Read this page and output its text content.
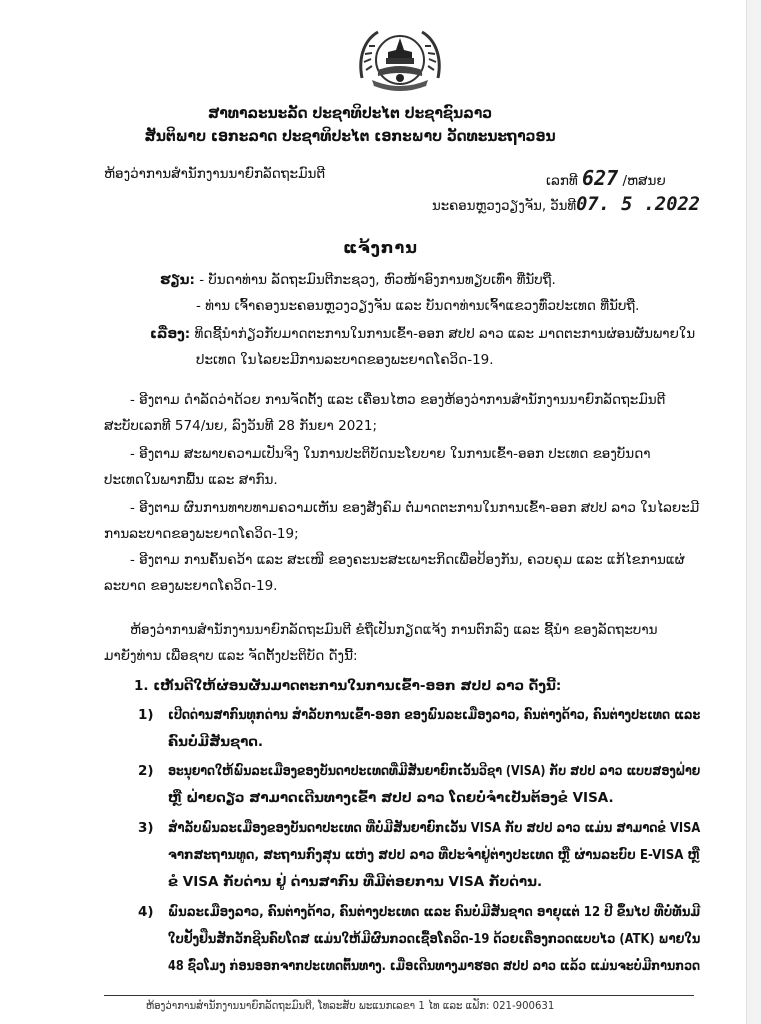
ສາທາລະນະລັດ ປະຊາທິປະໄຕ ປະຊາຊົນລາວ
ສັນຕິພາບ ເອກະລາດ ປະຊາທິປະໄຕ ເອກະພາບ ວັດທະນະຖາວອນ
ຫ້ອງວ່າການສຳນັກງານນາຍົກລັດຖະມົນຕີ	ເລກທີ 627 /ຫສນຍ
ນະຄອນຫຼວງວຽງຈັນ, ວັນທີ07. 5 .2022
ແຈ້ງການ
ຮຽນ: - ບັນດາທ່ານ ລັດຖະມົນຕີກະຊວງ, ຫົວໜ້າອົງການທຽບເທົ່າ ທີ່ນັບຖື.
- ທ່ານ ເຈົ້າຄອງນະຄອນຫຼວງວຽງຈັນ ແລະ ບັນດາທ່ານເຈົ້າແຂວງທົ່ວປະເທດ ທີ່ນັບຖື.
ເລື່ອງ: ທິດຊີ້ນຳກ່ຽວກັບມາດຕະການໃນການເຂົ້າ-ອອກ ສປປ ລາວ ແລະ ມາດຕະການຜ່ອນຜັນພາຍໃນ
ປະເທດ ໃນໄລຍະມີການລະບາດຂອງພະຍາດໂຄວິດ-19.
- ອີງຕາມ ດຳລັດວ່າດ້ວຍ ການຈັດຕັ້ງ ແລະ ເຄື່ອນໄຫວ ຂອງຫ້ອງວ່າການສຳນັກງານນາຍົກລັດຖະມົນຕີ
ສະບັບເລກທີ 574/ນຍ, ລົງວັນທີ 28 ກັນຍາ 2021;
- ອີງຕາມ ສະພາບຄວາມເປັນຈິງ ໃນການປະຕິບັດນະໂຍບາຍ ໃນການເຂົ້າ-ອອກ ປະເທດ ຂອງບັນດາ
ປະເທດໃນພາກພື້ນ ແລະ ສາກົນ.
- ອີງຕາມ ຜົນການທາບທາມຄວາມເຫັນ ຂອງສັງຄົມ ຕໍ່ມາດຕະການໃນການເຂົ້າ-ອອກ ສປປ ລາວ ໃນໄລຍະມີ
ການລະບາດຂອງພະຍາດໂຄວິດ-19;
- ອີງຕາມ ການຄົ້ນຄວ້າ ແລະ ສະເໜີ ຂອງຄະນະສະເພາະກິດເພື່ອປ້ອງກັນ, ຄວບຄຸມ ແລະ ແກ້ໄຂການແຜ່
ລະບາດ ຂອງພະຍາດໂຄວິດ-19.
ຫ້ອງວ່າການສຳນັກງານນາຍົກລັດຖະມົນຕີ ຂໍຖືເປັນກຽດແຈ້ງ ການຕົກລົງ ແລະ ຊີ້ນຳ ຂອງລັດຖະບານ
ມາຍັງທ່ານ ເພື່ອຊາບ ແລະ ຈັດຕັ້ງປະຕິບັດ ດັ່ງນີ້:
1. ເຫັນດີໃຫ້ຜ່ອນຜັນມາດຕະການໃນການເຂົ້າ-ອອກ ສປປ ລາວ ດັ່ງນີ້:
1) ເປີດດ່ານສາກົນທຸກດ່ານ ສຳລັບການເຂົ້າ-ອອກ ຂອງພົນລະເມືອງລາວ, ຄົນຕ່າງດ້າວ, ຄົນຕ່າງປະເທດ ແລະ
ຄົນບໍ່ມີສັນຊາດ.
2) ອະນຸຍາດໃຫ້ພົນລະເມືອງຂອງບັນດາປະເທດທີ່ມີສັນຍາຍົກເວັ້ນວີຊາ (VISA) ກັບ ສປປ ລາວ ແບບສອງຝ່າຍ
ຫຼື ຝ່າຍດຽວ ສາມາດເດີນທາງເຂົ້າ ສປປ ລາວ ໂດຍບໍ່ຈຳເປັນຕ້ອງຂໍ VISA.
3) ສຳລັບພົນລະເມືອງຂອງບັນດາປະເທດ ທີ່ບໍ່ມີສັນຍາຍົກເວັ້ນ VISA ກັບ ສປປ ລາວ ແມ່ນ ສາມາດຂໍ VISA
ຈາກສະຖານທູດ, ສະຖານກົງສຸນ ແຫ່ງ ສປປ ລາວ ທີ່ປະຈຳຢູ່ຕ່າງປະເທດ ຫຼື ຜ່ານລະບົບ E-VISA ຫຼື
ຂໍ VISA ກັບດ່ານ ຢູ່ ດ່ານສາກົນ ທີ່ມີຕ່ອຍການ VISA ກັບດ່ານ.
4) ພົນລະເມືອງລາວ, ຄົນຕ່າງດ້າວ, ຄົນຕ່າງປະເທດ ແລະ ຄົນບໍ່ມີສັນຊາດ ອາຍຸແຕ່ 12 ປີ ຂຶ້ນໄປ ທີ່ບໍ່ທັນມີ
ໃບຢັ້ງຢືນສັກວັກຊີນຄົບໂດສ ແມ່ນໃຫ້ມີຜົນກວດເຊື້ອໂຄວິດ-19 ດ້ວຍເຄື່ອງກວດແບບໄວ (ATK) ພາຍໃນ
48 ຊົ່ວໂມງ ກ່ອນອອກຈາກປະເທດຕົ້ນທາງ. ເມື່ອເດີນທາງມາຮອດ ສປປ ລາວ ແລ້ວ ແມ່ນຈະບໍ່ມີການກວດ
ຫ້ອງວ່າການສຳນັກງານນາຍົກລັດຖະມົນຕີ, ໂທລະສັບ ພະແນກເລຂາ 1 ໄທ ແລະ ແຟັກ: 021-900631
